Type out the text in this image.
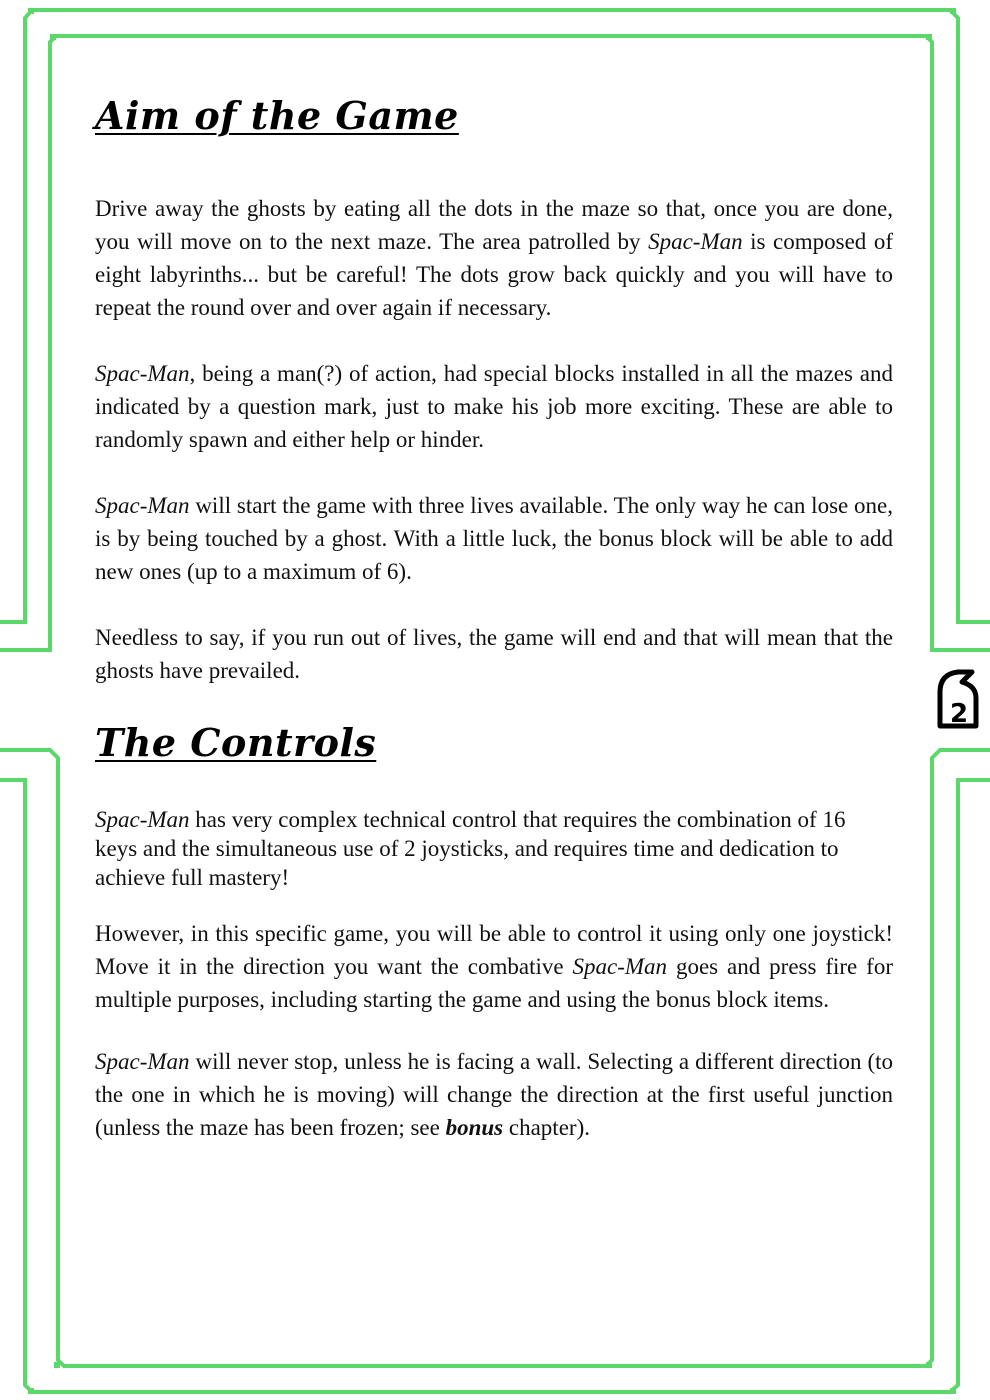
2
Aim of the Game

Drive away the ghosts by eating all the dots in the maze so that, once you are done, you will move on to the next maze. The area patrolled by Spac-Man is composed of eight labyrinths... but be careful! The dots grow back quickly and you will have to repeat the round over and over again if necessary.

Spac-Man, being a man(?) of action, had special blocks installed in all the mazes and indicated by a question mark, just to make his job more exciting. These are able to randomly spawn and either help or hinder.

Spac-Man will start the game with three lives available. The only way he can lose one, is by being touched by a ghost. With a little luck, the bonus block will be able to add new ones (up to a maximum of 6).

Needless to say, if you run out of lives, the game will end and that will mean that the ghosts have prevailed.

The Controls

Spac-Man has very complex technical control that requires the combination of 16 keys and the simultaneous use of 2 joysticks, and requires time and dedication to achieve full mastery!

However, in this specific game, you will be able to control it using only one joystick! Move it in the direction you want the combative Spac-Man goes and press fire for multiple purposes, including starting the game and using the bonus block items.

Spac-Man will never stop, unless he is facing a wall. Selecting a different direction (to the one in which he is moving) will change the direction at the first useful junction (unless the maze has been frozen; see bonus chapter).
